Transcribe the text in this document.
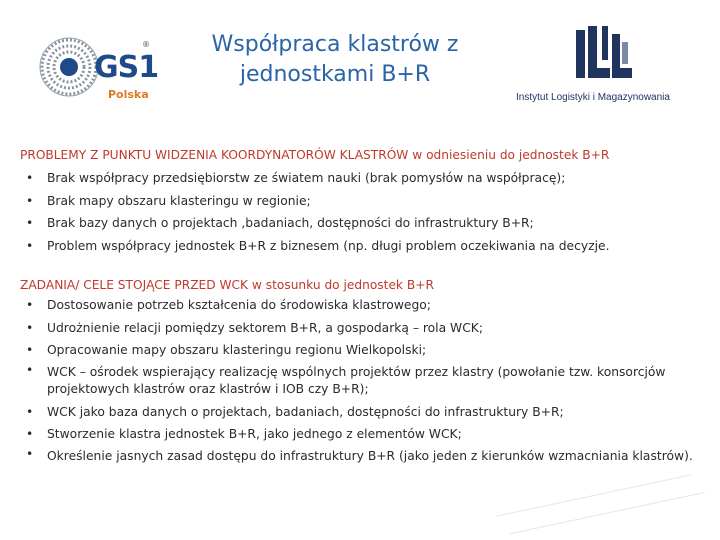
GS1
®
Polska
Współpraca klastrów z jednostkami B+R
Instytut Logistyki i Magazynowania

PROBLEMY Z PUNKTU WIDZENIA KOORDYNATORÓW KLASTRÓW w odniesieniu do jednostek B+R

• Brak współpracy przedsiębiorstw ze światem nauki (brak pomysłów na współpracę);
• Brak mapy obszaru klasteringu w regionie;
• Brak bazy danych o projektach ,badaniach, dostępności do infrastruktury B+R;
• Problem współpracy jednostek B+R z biznesem (np. długi problem oczekiwania na decyzje.

ZADANIA/ CELE STOJĄCE PRZED WCK w stosunku do jednostek B+R

• Dostosowanie potrzeb kształcenia do środowiska klastrowego;
• Udrożnienie relacji pomiędzy sektorem B+R, a gospodarką – rola WCK;
• Opracowanie mapy obszaru klasteringu regionu Wielkopolski;
• WCK – ośrodek wspierający realizację wspólnych projektów przez klastry (powołanie tzw. konsorcjów projektowych klastrów oraz klastrów i IOB czy B+R);
• WCK jako baza danych o projektach, badaniach, dostępności do infrastruktury B+R;
• Stworzenie klastra jednostek B+R, jako jednego z elementów WCK;
• Określenie jasnych zasad dostępu do infrastruktury B+R (jako jeden z kierunków wzmacniania klastrów).
